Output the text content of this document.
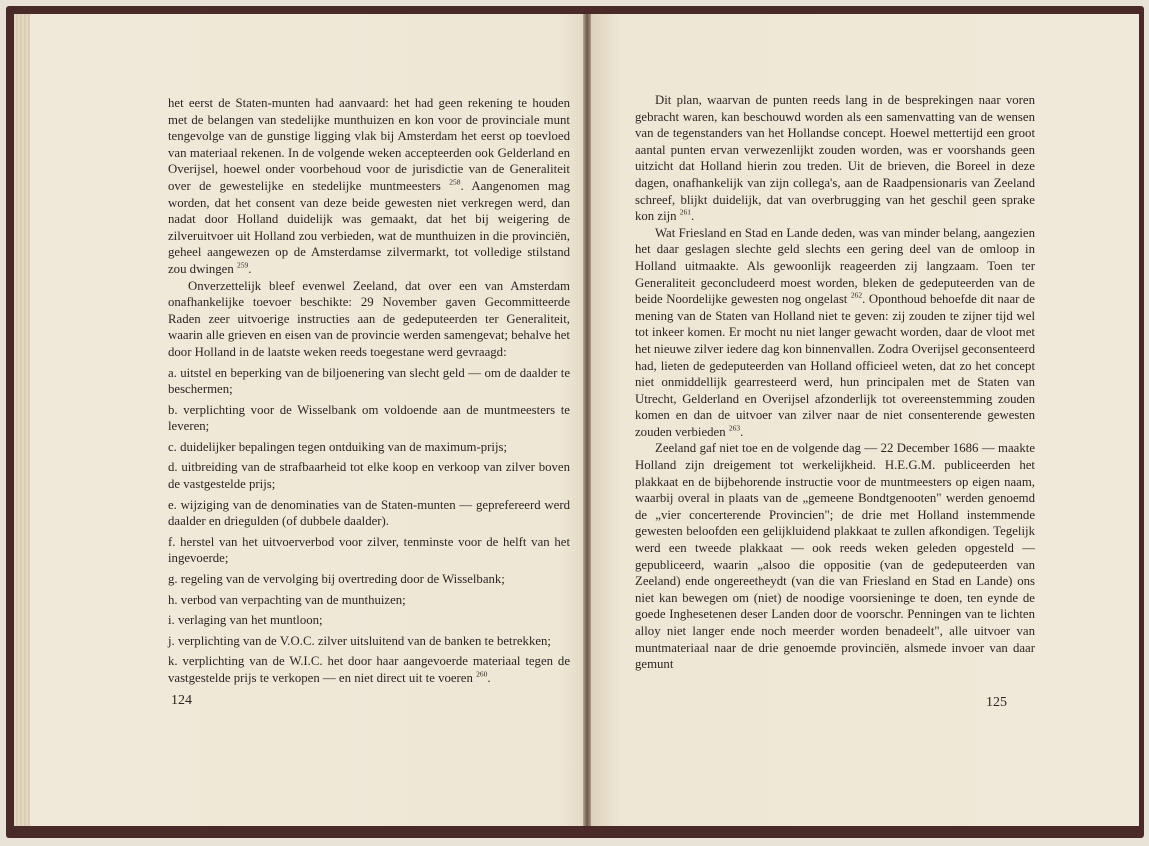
het eerst de Staten-munten had aanvaard: het had geen rekening te houden met de belangen van stedelijke munthuizen en kon voor de provinciale munt tengevolge van de gunstige ligging vlak bij Amsterdam het eerst op toevloed van materiaal rekenen. In de volgende weken accepteerden ook Gelderland en Overijsel, hoewel onder voorbehoud voor de jurisdictie van de Generaliteit over de gewestelijke en stedelijke muntmeesters $^{258}$. Aangenomen mag worden, dat het consent van deze beide gewesten niet verkregen werd, dan nadat door Holland duidelijk was gemaakt, dat het bij weigering de zilveruitvoer uit Holland zou verbieden, wat de munthuizen in die provinciën, geheel aangewezen op de Amsterdamse zilvermarkt, tot volledige stilstand zou dwingen $^{259}$.

Onverzettelijk bleef evenwel Zeeland, dat over een van Amsterdam onafhankelijke toevoer beschikte: 29 November gaven Gecommitteerde Raden zeer uitvoerige instructies aan de gedeputeerden ter Generaliteit, waarin alle grieven en eisen van de provincie werden samengevat; behalve het door Holland in de laatste weken reeds toegestane werd gevraagd:

a. uitstel en beperking van de biljoenering van slecht geld — om de daalder te beschermen;

b. verplichting voor de Wisselbank om voldoende aan de muntmeesters te leveren;

c. duidelijker bepalingen tegen ontduiking van de maximum-prijs;

d. uitbreiding van de strafbaarheid tot elke koop en verkoop van zilver boven de vastgestelde prijs;

e. wijziging van de denominaties van de Staten-munten — geprefereerd werd daalder en driegulden (of dubbele daalder).

f. herstel van het uitvoerverbod voor zilver, tenminste voor de helft van het ingevoerde;

g. regeling van de vervolging bij overtreding door de Wisselbank;

h. verbod van verpachting van de munthuizen;

i. verlaging van het muntloon;

j. verplichting van de V.O.C. zilver uitsluitend van de banken te betrekken;

k. verplichting van de W.I.C. het door haar aangevoerde materiaal tegen de vastgestelde prijs te verkopen — en niet direct uit te voeren $^{260}$.

124

Dit plan, waarvan de punten reeds lang in de besprekingen naar voren gebracht waren, kan beschouwd worden als een samenvatting van de wensen van de tegenstanders van het Hollandse concept. Hoewel mettertijd een groot aantal punten ervan verwezenlijkt zouden worden, was er voorshands geen uitzicht dat Holland hierin zou treden. Uit de brieven, die Boreel in deze dagen, onafhankelijk van zijn collega's, aan de Raadpensionaris van Zeeland schreef, blijkt duidelijk, dat van overbrugging van het geschil geen sprake kon zijn $^{261}$.

Wat Friesland en Stad en Lande deden, was van minder belang, aangezien het daar geslagen slechte geld slechts een gering deel van de omloop in Holland uitmaakte. Als gewoonlijk reageerden zij langzaam. Toen ter Generaliteit geconcludeerd moest worden, bleken de gedeputeerden van de beide Noordelijke gewesten nog ongelast $^{262}$. Oponthoud behoefde dit naar de mening van de Staten van Holland niet te geven: zij zouden te zijner tijd wel tot inkeer komen. Er mocht nu niet langer gewacht worden, daar de vloot met het nieuwe zilver iedere dag kon binnenvallen. Zodra Overijsel geconsenteerd had, lieten de gedeputeerden van Holland officieel weten, dat zo het concept niet onmiddellijk gearresteerd werd, hun principalen met de Staten van Utrecht, Gelderland en Overijsel afzonderlijk tot overeenstemming zouden komen en dan de uitvoer van zilver naar de niet consenterende gewesten zouden verbieden $^{263}$.

Zeeland gaf niet toe en de volgende dag — 22 December 1686 — maakte Holland zijn dreigement tot werkelijkheid. H.E.G.M. publiceerden het plakkaat en de bijbehorende instructie voor de muntmeesters op eigen naam, waarbij overal in plaats van de „gemeene Bondtgenooten" werden genoemd de „vier concerterende Provincien"; de drie met Holland instemmende gewesten beloofden een gelijkluidend plakkaat te zullen afkondigen. Tegelijk werd een tweede plakkaat — ook reeds weken geleden opgesteld — gepubliceerd, waarin „alsoo die oppositie (van de gedeputeerden van Zeeland) ende ongereetheydt (van die van Friesland en Stad en Lande) ons niet kan bewegen om (niet) de noodige voorsieninge te doen, ten eynde de goede Inghesetenen deser Landen door de voorschr. Penningen van te lichten alloy niet langer ende noch meerder worden benadeelt", alle uitvoer van muntmateriaal naar de drie genoemde provinciën, alsmede invoer van daar gemunt

125
